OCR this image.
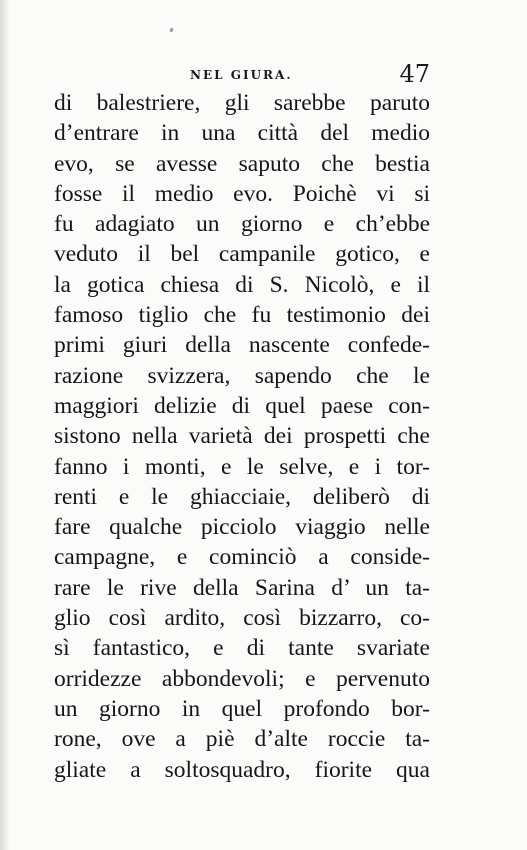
NEL GIURA.	47
di balestriere, gli sarebbe paruto
d’entrare in una città del medio
evo, se avesse saputo che bestia
fosse il medio evo. Poichè vi si
fu adagiato un giorno e ch’ebbe
veduto il bel campanile gotico, e
la gotica chiesa di S. Nicolò, e il
famoso tiglio che fu testimonio dei
primi giuri della nascente confede-
razione svizzera, sapendo che le
maggiori delizie di quel paese con-
sistono nella varietà dei prospetti che
fanno i monti, e le selve, e i tor-
renti e le ghiacciaie, deliberò di
fare qualche picciolo viaggio nelle
campagne, e cominciò a conside-
rare le rive della Sarina d’ un ta-
glio così ardito, così bizzarro, co-
sì fantastico, e di tante svariate
orridezze abbondevoli; e pervenuto
un giorno in quel profondo bor-
rone, ove a piè d’alte roccie ta-
gliate a soltosquadro, fiorite qua
